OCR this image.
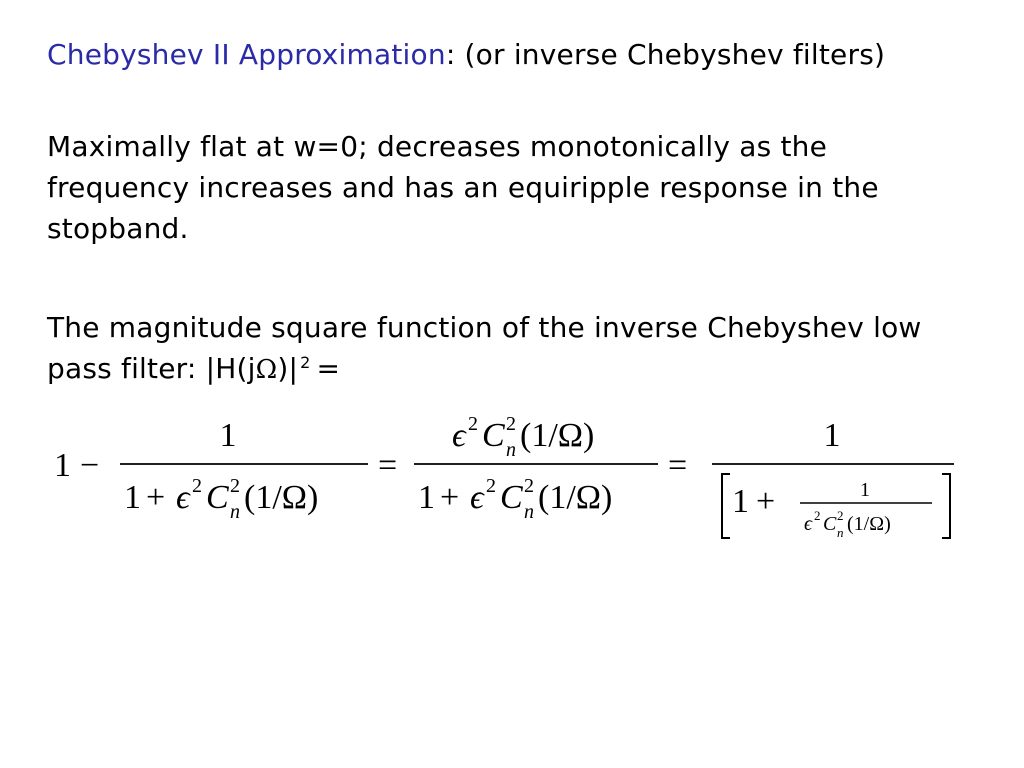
Chebyshev II Approximation: (or inverse Chebyshev filters)
Maximally flat at w=0; decreases monotonically as the frequency increases and has an equiripple response in the stopband.
The magnitude square function of the inverse Chebyshev low pass filter: |H(jΩ)| $^2$ =
1 −
1
1 + ϵ 2 C 2
n (1/Ω)
=
ϵ 2 C 2
n (1/Ω)
1 + ϵ 2 C 2
n (1/Ω)
=
1
1 +	1
ϵ 2 C 2
n (1/Ω)
